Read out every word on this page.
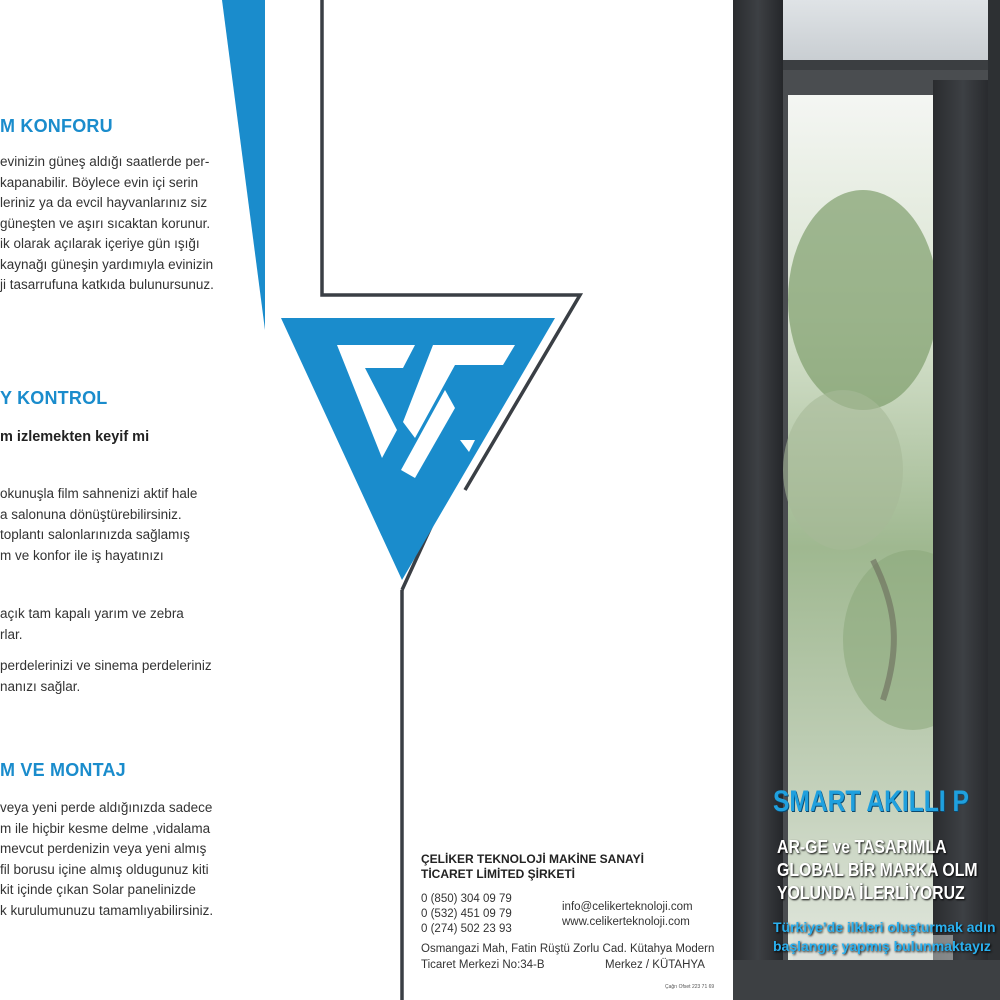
M KONFORU
evinizin güneş aldığı saatlerde per-
kapanabilir. Böylece evin içi serin
leriniz ya da evcil hayvanlarınız siz
güneşten ve aşırı sıcaktan korunur.
ik olarak açılarak içeriye gün ışığı
kaynağı güneşin yardımıyla evinizin
ji tasarrufuna katkıda bulunursunuz.
Y KONTROL
m izlemekten keyif mi
okunuşla film sahnenizi aktif hale
a salonuna dönüştürebilirsiniz.
toplantı salonlarınızda sağlamış
m ve konfor ile iş hayatınızı
açık tam kapalı yarım ve zebra
rlar.
perdelerinizi ve sinema perdeleriniz
nanızı sağlar.
M VE MONTAJ
veya yeni perde aldığınızda sadece
m ile hiçbir kesme delme ,vidalama
mevcut perdenizin veya yeni almış
fil borusu içine almış oldugunuz kiti
kit içinde çıkan Solar panelinizde
k kurulumunuzu tamamlıyabilirsiniz.
ÇELİKER TEKNOLOJİ MAKİNE SANAYİ
TİCARET LİMİTED ŞİRKETİ
0 (850) 304 09 79
0 (532) 451 09 79
0 (274) 502 23 93
info@celikerteknoloji.com
www.celikerteknoloji.com
Osmangazi Mah, Fatin Rüştü Zorlu Cad. Kütahya Modern
Ticaret Merkezi No:34-B	Merkez / KÜTAHYA
Çağrı Ofset 223 71 69
SMART AKILLI P
AR-GE ve TASARIMLA
GLOBAL BİR MARKA OLM
YOLUNDA İLERLİYORUZ
Türkiye’de ilkleri oluşturmak adın
başlangıç yapmış bulunmaktayız
